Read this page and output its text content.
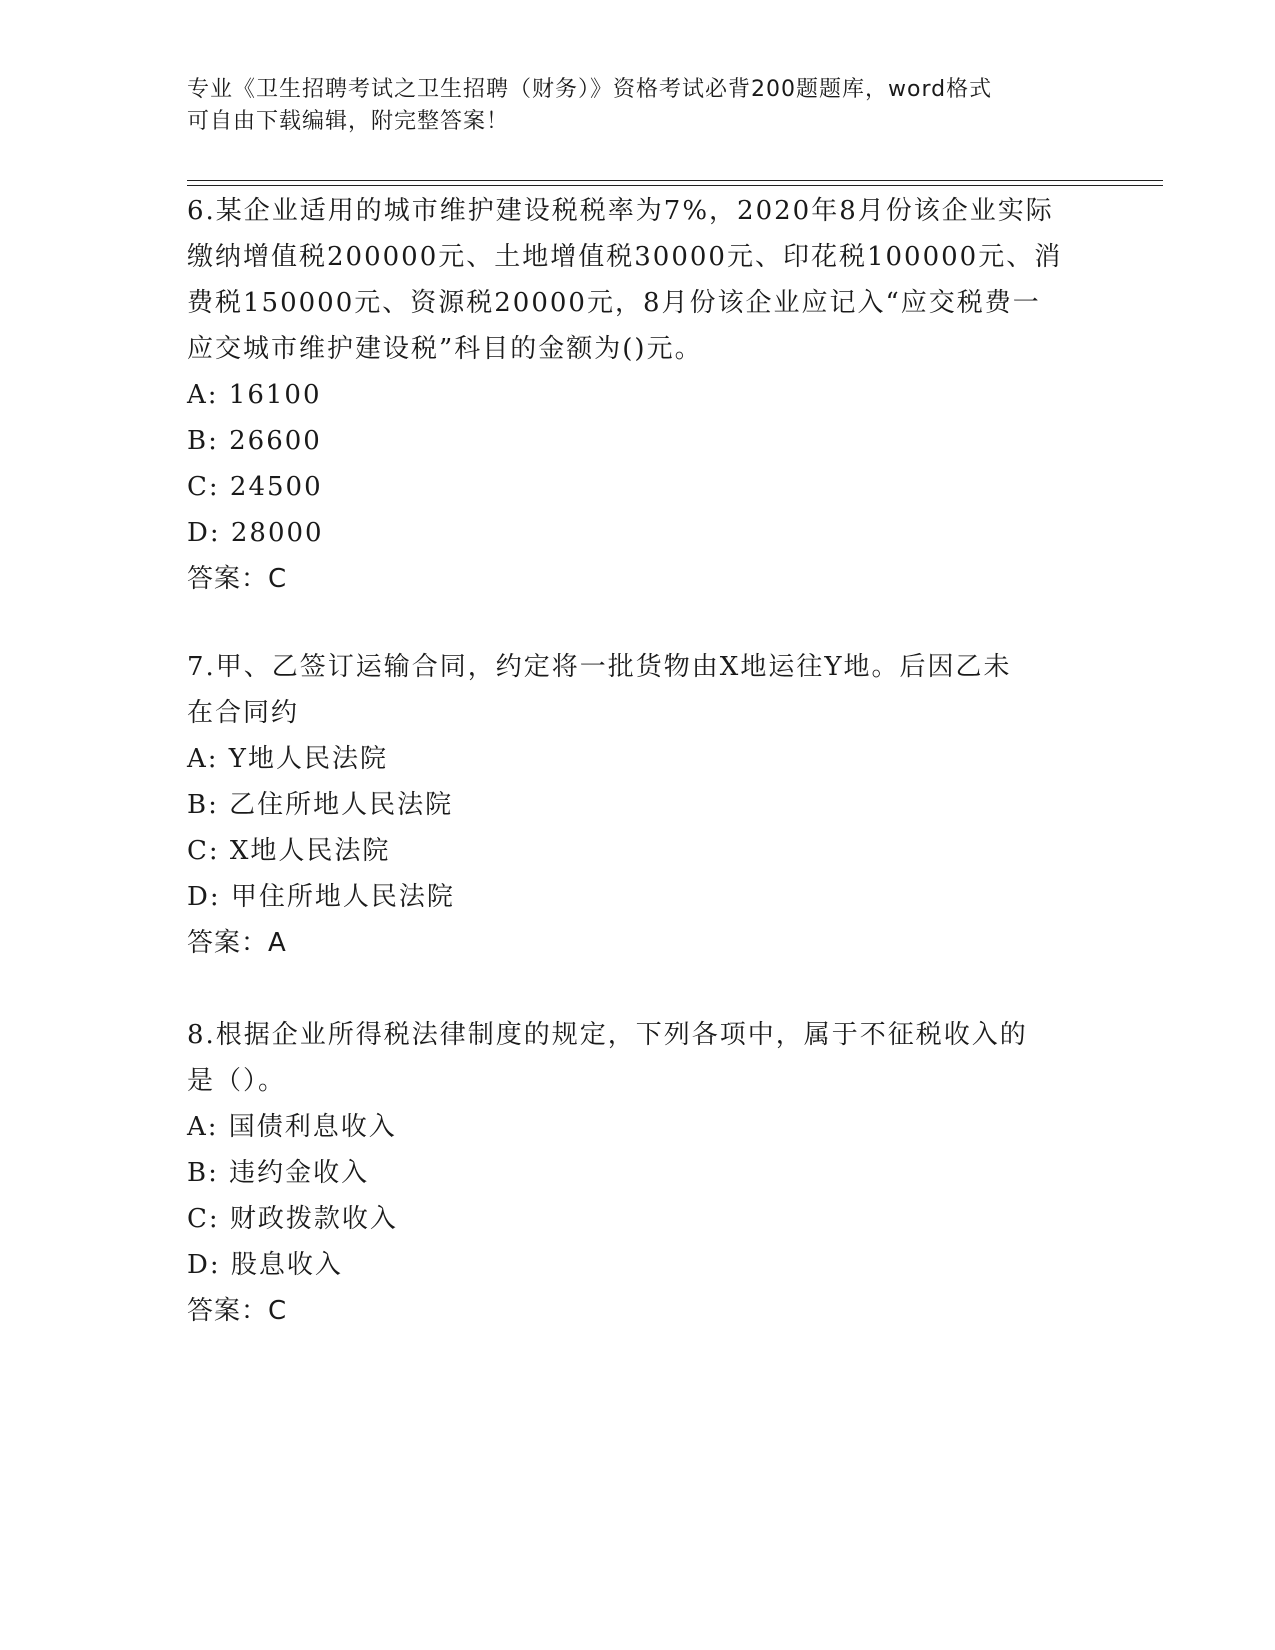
专业《卫生招聘考试之卫生招聘（财务）》资格考试必背200题题库，word格式
可自由下载编辑，附完整答案！

6.某企业适用的城市维护建设税税率为7%，2020年8月份该企业实际

缴纳增值税200000元、土地增值税30000元、印花税100000元、消

费税150000元、资源税20000元，8月份该企业应记入“应交税费一

应交城市维护建设税”科目的金额为()元。

A: 16100

B: 26600

C: 24500

D: 28000

答案：C

7.甲、乙签订运输合同，约定将一批货物由X地运往Y地。后因乙未

在合同约

A: Y地人民法院

B: 乙住所地人民法院

C: X地人民法院

D: 甲住所地人民法院

答案：A

8.根据企业所得税法律制度的规定，下列各项中，属于不征税收入的

是（）。

A: 国债利息收入

B: 违约金收入

C: 财政拨款收入

D: 股息收入

答案：C
